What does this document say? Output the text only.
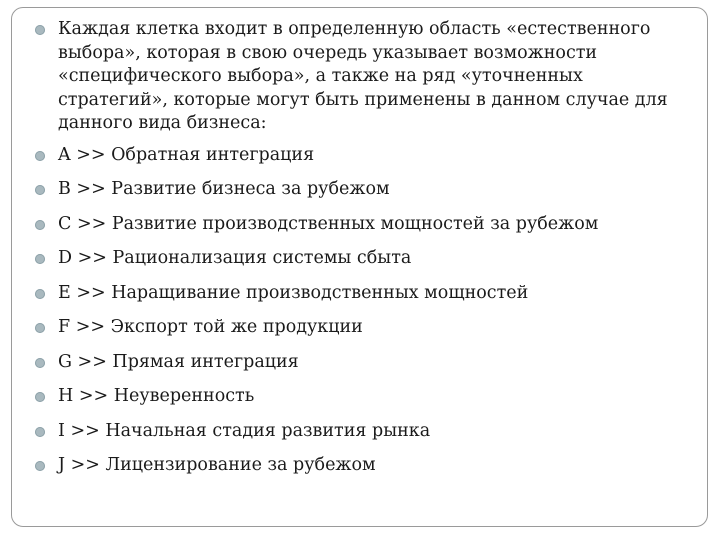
Каждая клетка входит в определенную область «естественного выбора», которая в свою очередь указывает возможности «специфического выбора», а также на ряд «уточненных стратегий», которые могут быть применены в данном случае для данного вида бизнеса:
A >> Обратная интеграция
B >> Развитие бизнеса за рубежом
C >> Развитие производственных мощностей за рубежом
D >> Рационализация системы сбыта
E >> Наращивание производственных мощностей
F >> Экспорт той же продукции
G >> Прямая интеграция
H >> Неуверенность
I >> Начальная стадия развития рынка
J >> Лицензирование за рубежом
